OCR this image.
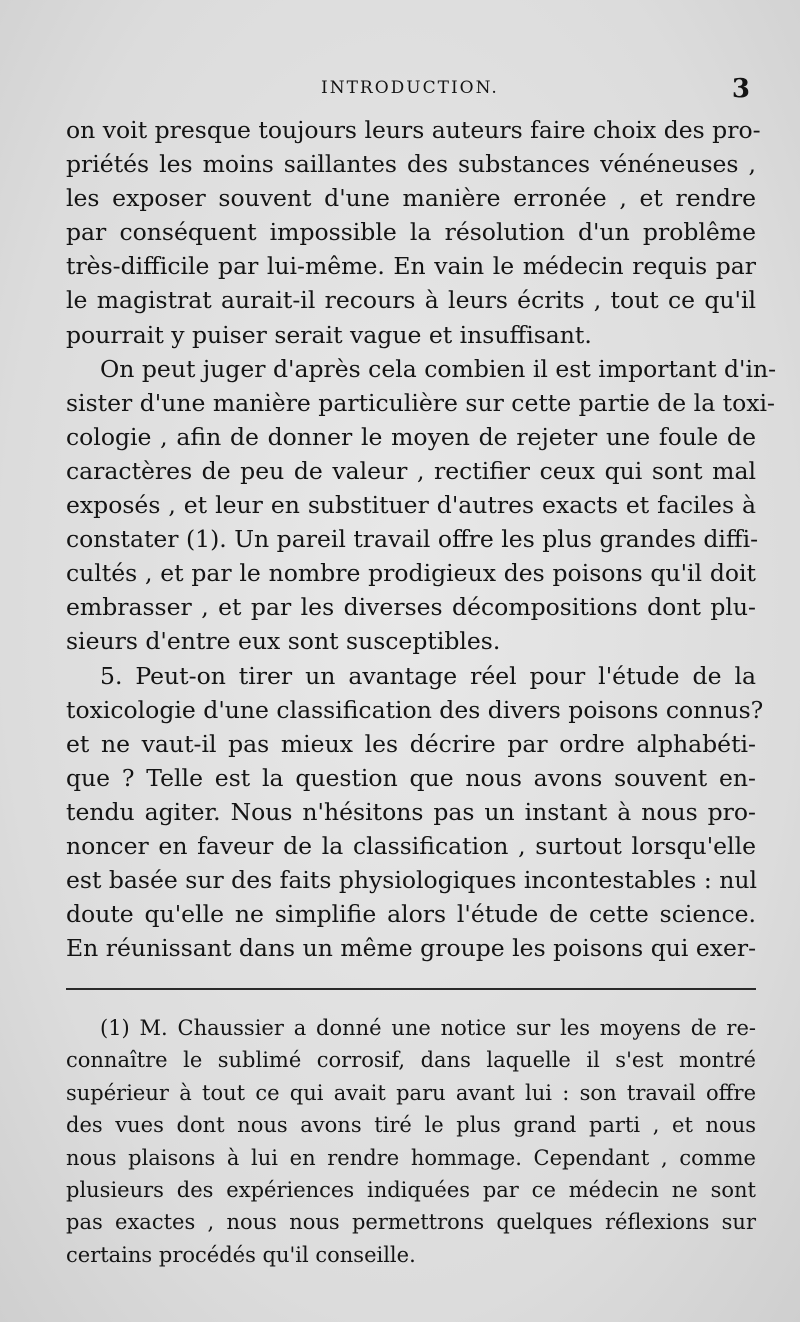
INTRODUCTION.	3
on voit presque toujours leurs auteurs faire choix des pro-
priétés les moins saillantes des substances vénéneuses ,
les exposer souvent d'une manière erronée , et rendre
par conséquent impossible la résolution d'un problême
très-difficile par lui-même. En vain le médecin requis par
le magistrat aurait-il recours à leurs écrits , tout ce qu'il
pourrait y puiser serait vague et insuffisant.
On peut juger d'après cela combien il est important d'in-
sister d'une manière particulière sur cette partie de la toxi-
cologie , afin de donner le moyen de rejeter une foule de
caractères de peu de valeur , rectifier ceux qui sont mal
exposés , et leur en substituer d'autres exacts et faciles à
constater (1). Un pareil travail offre les plus grandes diffi-
cultés , et par le nombre prodigieux des poisons qu'il doit
embrasser , et par les diverses décompositions dont plu-
sieurs d'entre eux sont susceptibles.
5. Peut-on tirer un avantage réel pour l'étude de la
toxicologie d'une classification des divers poisons connus?
et ne vaut-il pas mieux les décrire par ordre alphabéti-
que ? Telle est la question que nous avons souvent en-
tendu agiter. Nous n'hésitons pas un instant à nous pro-
noncer en faveur de la classification , surtout lorsqu'elle
est basée sur des faits physiologiques incontestables : nul
doute qu'elle ne simplifie alors l'étude de cette science.
En réunissant dans un même groupe les poisons qui exer-
(1) M. Chaussier a donné une notice sur les moyens de re-
connaître le sublimé corrosif, dans laquelle il s'est montré
supérieur à tout ce qui avait paru avant lui : son travail offre
des vues dont nous avons tiré le plus grand parti , et nous
nous plaisons à lui en rendre hommage. Cependant , comme
plusieurs des expériences indiquées par ce médecin ne sont
pas exactes , nous nous permettrons quelques réflexions sur
certains procédés qu'il conseille.
